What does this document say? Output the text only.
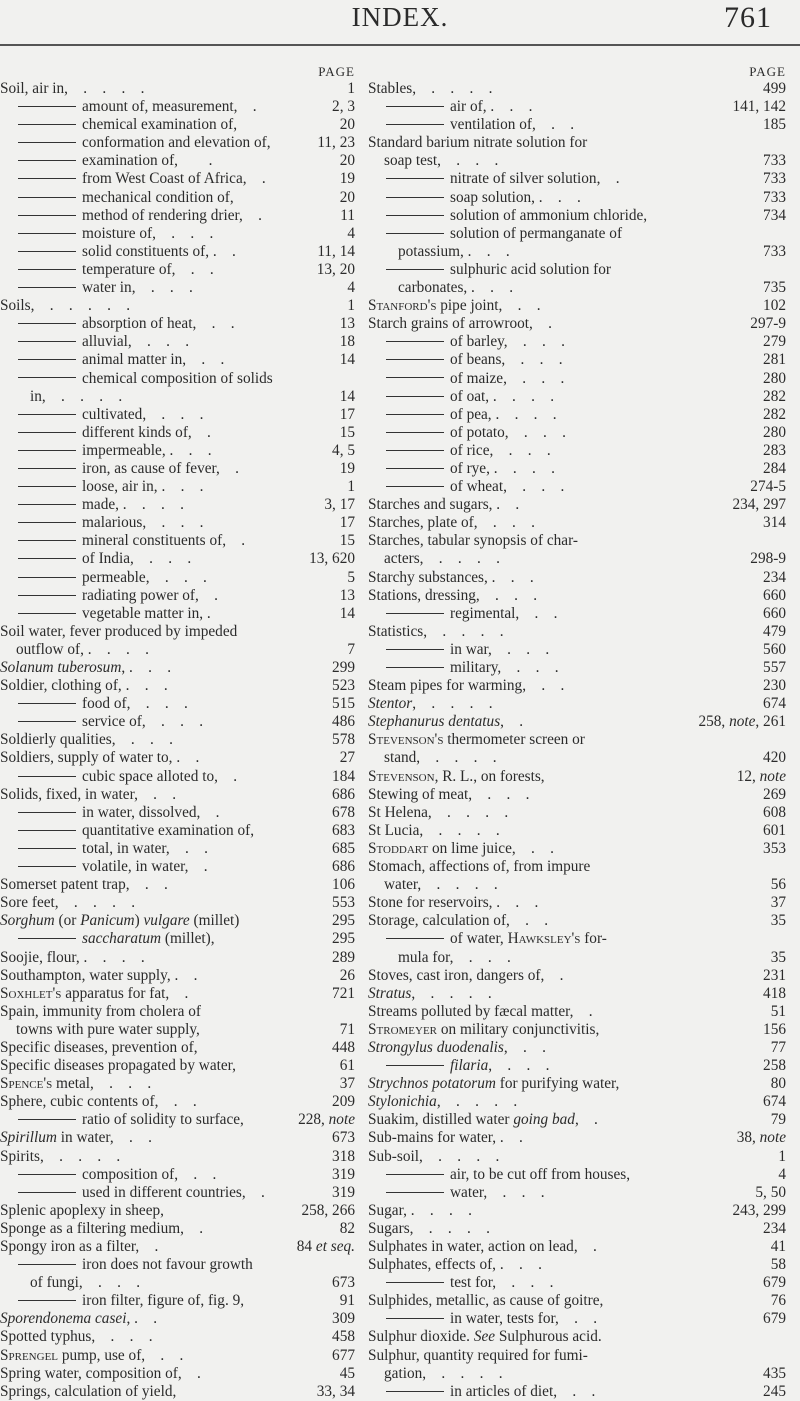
INDEX.	761
PAGE
Soil, air in, . . . .	1
amount of, measurement, .	2, 3
chemical examination of,	20
conformation and elevation of,	11, 23
examination of,  .	20
from West Coast of Africa, .	19
mechanical condition of,	20
method of rendering drier, .	11
moisture of, . . .	4
solid constituents of, . .	11, 14
temperature of, . .	13, 20
water in, . . .	4
Soils, . . . . .	1
absorption of heat, . .	13
alluvial, . . .	18
animal matter in, . .	14
chemical composition of solids
in, . . . .	14
cultivated, . . .	17
different kinds of, .	15
impermeable, . . .	4, 5
iron, as cause of fever, .	19
loose, air in, . . .	1
made, . . . .	3, 17
malarious, . . .	17
mineral constituents of, .	15
of India, . . .	13, 620
permeable, . . .	5
radiating power of, .	13
vegetable matter in, .	14
Soil water, fever produced by impeded
outflow of, . . . .	7
Solanum tuberosum, . . .	299
Soldier, clothing of, . . .	523
food of, . . .	515
service of, . . .	486
Soldierly qualities, . . .	578
Soldiers, supply of water to, . .	27
cubic space alloted to, .	184
Solids, fixed, in water, . .	686
in water, dissolved, .	678
quantitative examination of,	683
total, in water, . .	685
volatile, in water, .	686
Somerset patent trap, . .	106
Sore feet, . . . .	553
Sorghum (or Panicum) vulgare (millet)	295
saccharatum (millet),	295
Soojie, flour, . . . .	289
Southampton, water supply, . .	26
Soxhlet's apparatus for fat, .	721
Spain, immunity from cholera of
towns with pure water supply,	71
Specific diseases, prevention of,	448
Specific diseases propagated by water,	61
Spence's metal, . . .	37
Sphere, cubic contents of, . .	209
ratio of solidity to surface,	228, note
Spirillum in water, . .	673
Spirits, . . . .	318
composition of, . .	319
used in different countries, .	319
Splenic apoplexy in sheep,	258, 266
Sponge as a filtering medium, .	82
Spongy iron as a filter, .	84 et seq.
iron does not favour growth
of fungi, . . .	673
iron filter, figure of, fig. 9,	91
Sporendonema casei, . .	309
Spotted typhus, . . .	458
Sprengel pump, use of, . .	677
Spring water, composition of, .	45
Springs, calculation of yield,	33, 34
PAGE
Stables, . . . .	499
air of, . . .	141, 142
ventilation of, . .	185
Standard barium nitrate solution for
soap test, . . .	733
nitrate of silver solution, .	733
soap solution, . . .	733
solution of ammonium chloride,	734
solution of permanganate of
potassium, . . .	733
sulphuric acid solution for
carbonates, . . .	735
Stanford's pipe joint, . .	102
Starch grains of arrowroot, .	297-9
of barley, . . .	279
of beans, . . .	281
of maize, . . .	280
of oat, . . . .	282
of pea, . . . .	282
of potato, . . .	280
of rice, . . .	283
of rye, . . . .	284
of wheat, . . .	274-5
Starches and sugars, . .	234, 297
Starches, plate of, . . .	314
Starches, tabular synopsis of char-
acters, . . . .	298-9
Starchy substances, . . .	234
Stations, dressing, . . .	660
regimental, . .	660
Statistics, . . . .	479
in war, . . .	560
military, . . .	557
Steam pipes for warming, . .	230
Stentor, . . . .	674
Stephanurus dentatus, .	258, note, 261
Stevenson's thermometer screen or
stand, . . . .	420
Stevenson, R. L., on forests,	12, note
Stewing of meat, . . .	269
St Helena, . . . .	608
St Lucia, . . . .	601
Stoddart on lime juice, . .	353
Stomach, affections of, from impure
water, . . . .	56
Stone for reservoirs, . . .	37
Storage, calculation of, . .	35
of water, Hawksley's for-
mula for, . . .	35
Stoves, cast iron, dangers of, .	231
Stratus, . . . .	418
Streams polluted by fæcal matter, .	51
Stromeyer on military conjunctivitis,	156
Strongylus duodenalis, . .	77
filaria, . . .	258
Strychnos potatorum for purifying water,	80
Stylonichia, . . . .	674
Suakim, distilled water going bad, .	79
Sub-mains for water, . .	38, note
Sub-soil, . . . .	1
air, to be cut off from houses,	4
water, . . .	5, 50
Sugar, . . . .	243, 299
Sugars, . . . .	234
Sulphates in water, action on lead, .	41
Sulphates, effects of, . . .	58
test for, . . .	679
Sulphides, metallic, as cause of goitre,	76
in water, tests for, . .	679
Sulphur dioxide. See Sulphurous acid.
Sulphur, quantity required for fumi-
gation, . . . .	435
in articles of diet, . .	245
